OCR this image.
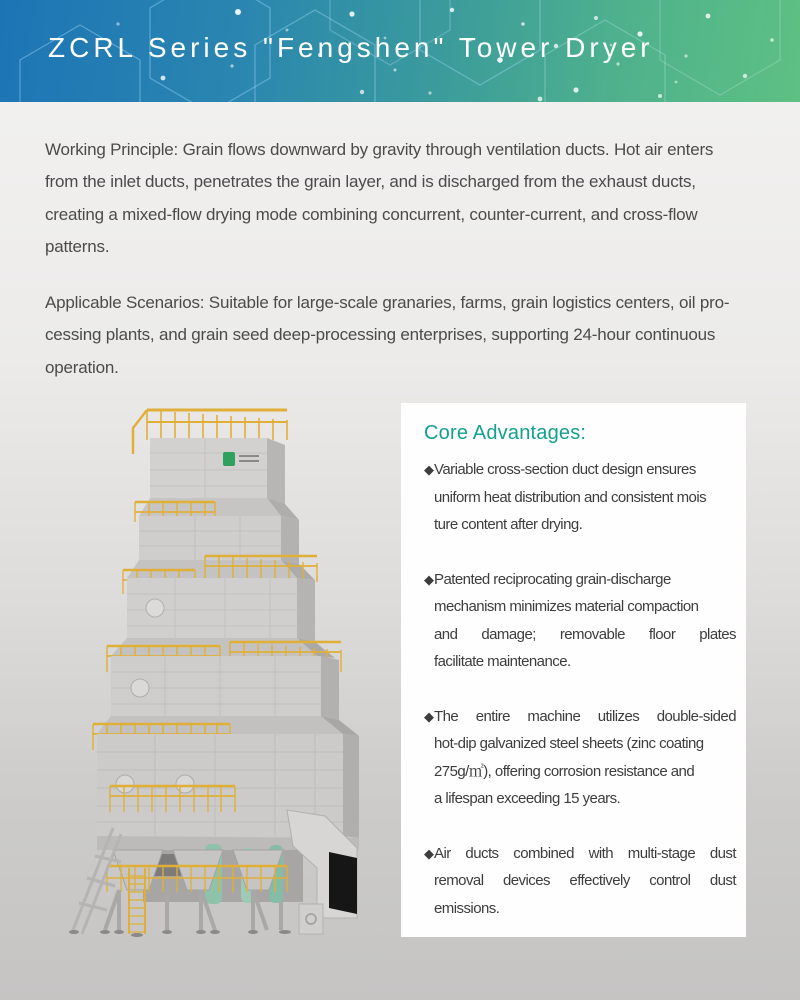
ZCRL Series "Fengshen" Tower Dryer
Working Principle: Grain flows downward by gravity through ventilation ducts. Hot air enters
from the inlet ducts, penetrates the grain layer, and is discharged from the exhaust ducts,
creating a mixed-flow drying mode combining concurrent, counter-current, and cross-flow
patterns.
Applicable Scenarios: Suitable for large-scale granaries, farms, grain logistics centers, oil pro-
cessing plants, and grain seed deep-processing enterprises, supporting 24-hour continuous
operation.
Core Advantages:
◆ Variable cross-section duct design ensures
uniform heat distribution and consistent mois
ture content after drying.
◆ Patented reciprocating grain-discharge
mechanism minimizes material compaction
and damage; removable floor plates
facilitate maintenance.
◆ The entire machine utilizes double-sided
hot-dip galvanized steel sheets (zinc coating
275g/㎡), offering corrosion resistance and
a lifespan exceeding 15 years.
◆ Air ducts combined with multi-stage dust
removal devices effectively control dust
emissions.
